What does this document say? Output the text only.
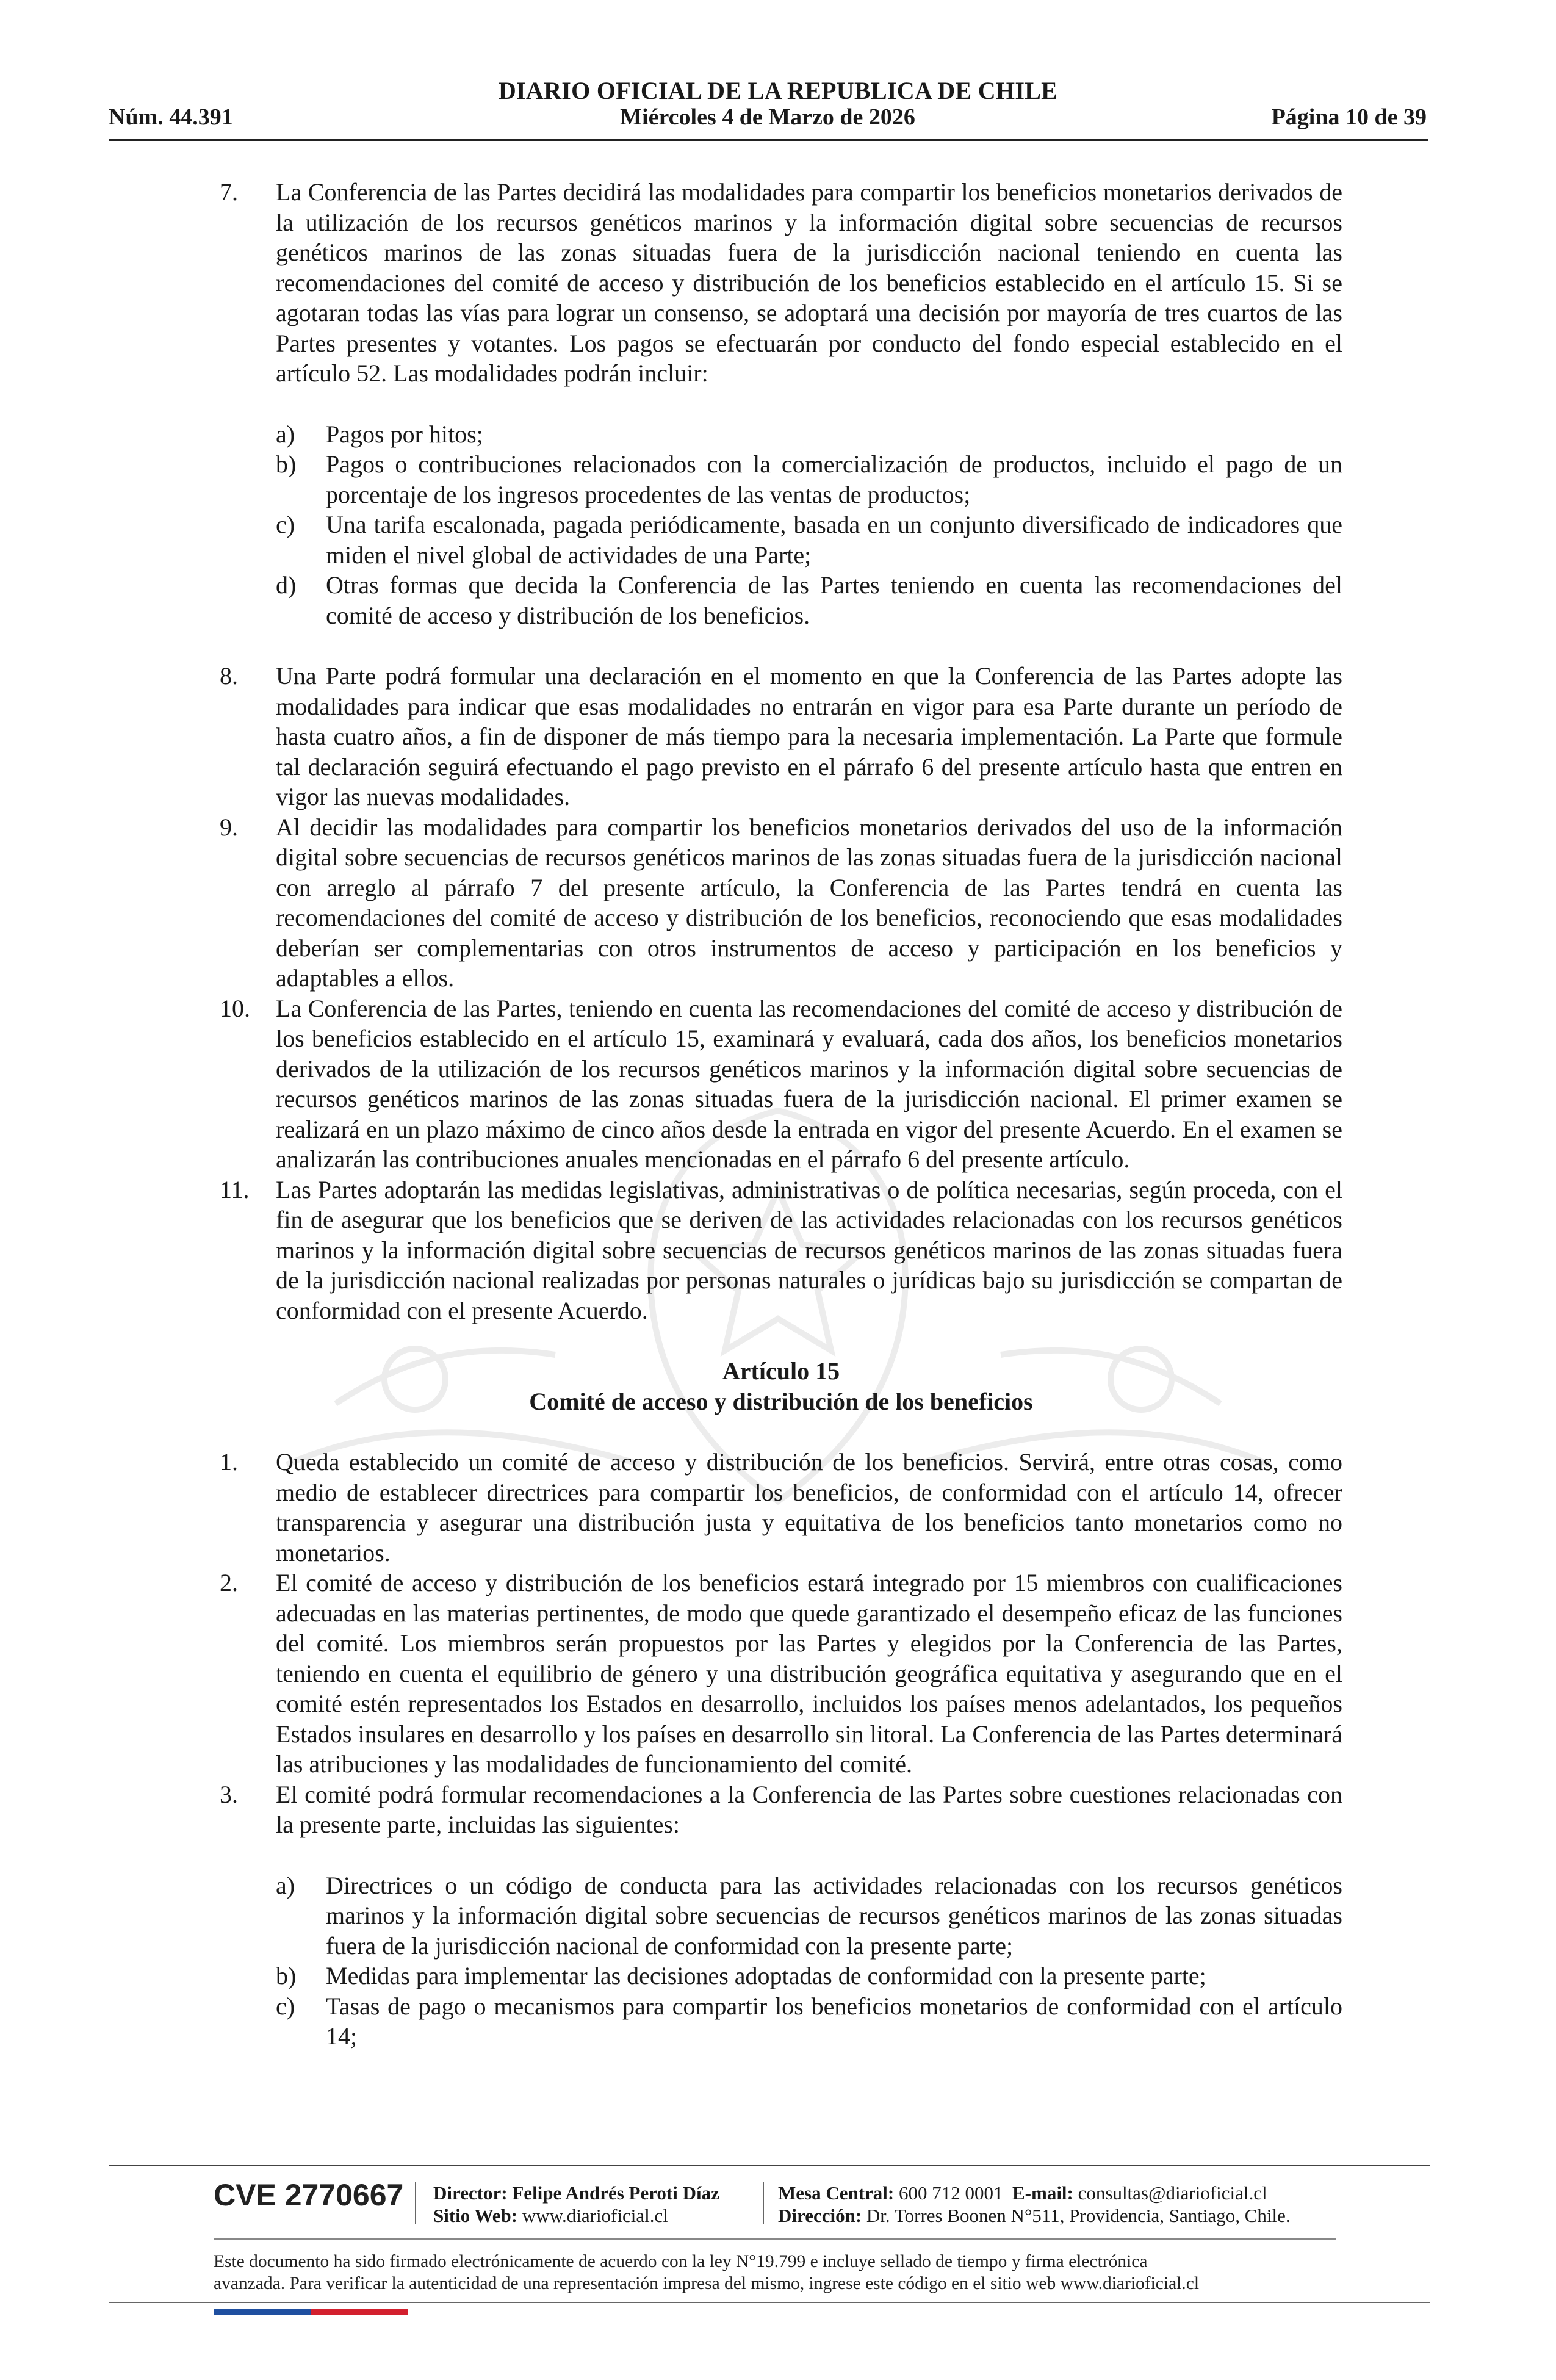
DIARIO OFICIAL DE LA REPUBLICA DE CHILE
Núm. 44.391	Miércoles 4 de Marzo de 2026	Página 10 de 39
7. La Conferencia de las Partes decidirá las modalidades para compartir los beneficios monetarios derivados de la utilización de los recursos genéticos marinos y la información digital sobre secuencias de recursos genéticos marinos de las zonas situadas fuera de la jurisdicción nacional teniendo en cuenta las recomendaciones del comité de acceso y distribución de los beneficios establecido en el artículo 15. Si se agotaran todas las vías para lograr un consenso, se adoptará una decisión por mayoría de tres cuartos de las Partes presentes y votantes. Los pagos se efectuarán por conducto del fondo especial establecido en el artículo 52. Las modalidades podrán incluir:
a) Pagos por hitos;
b) Pagos o contribuciones relacionados con la comercialización de productos, incluido el pago de un porcentaje de los ingresos procedentes de las ventas de productos;
c) Una tarifa escalonada, pagada periódicamente, basada en un conjunto diversificado de indicadores que miden el nivel global de actividades de una Parte;
d) Otras formas que decida la Conferencia de las Partes teniendo en cuenta las recomendaciones del comité de acceso y distribución de los beneficios.
8. Una Parte podrá formular una declaración en el momento en que la Conferencia de las Partes adopte las modalidades para indicar que esas modalidades no entrarán en vigor para esa Parte durante un período de hasta cuatro años, a fin de disponer de más tiempo para la necesaria implementación. La Parte que formule tal declaración seguirá efectuando el pago previsto en el párrafo 6 del presente artículo hasta que entren en vigor las nuevas modalidades.
9. Al decidir las modalidades para compartir los beneficios monetarios derivados del uso de la información digital sobre secuencias de recursos genéticos marinos de las zonas situadas fuera de la jurisdicción nacional con arreglo al párrafo 7 del presente artículo, la Conferencia de las Partes tendrá en cuenta las recomendaciones del comité de acceso y distribución de los beneficios, reconociendo que esas modalidades deberían ser complementarias con otros instrumentos de acceso y participación en los beneficios y adaptables a ellos.
10. La Conferencia de las Partes, teniendo en cuenta las recomendaciones del comité de acceso y distribución de los beneficios establecido en el artículo 15, examinará y evaluará, cada dos años, los beneficios monetarios derivados de la utilización de los recursos genéticos marinos y la información digital sobre secuencias de recursos genéticos marinos de las zonas situadas fuera de la jurisdicción nacional. El primer examen se realizará en un plazo máximo de cinco años desde la entrada en vigor del presente Acuerdo. En el examen se analizarán las contribuciones anuales mencionadas en el párrafo 6 del presente artículo.
11. Las Partes adoptarán las medidas legislativas, administrativas o de política necesarias, según proceda, con el fin de asegurar que los beneficios que se deriven de las actividades relacionadas con los recursos genéticos marinos y la información digital sobre secuencias de recursos genéticos marinos de las zonas situadas fuera de la jurisdicción nacional realizadas por personas naturales o jurídicas bajo su jurisdicción se compartan de conformidad con el presente Acuerdo.
Artículo 15
Comité de acceso y distribución de los beneficios
1. Queda establecido un comité de acceso y distribución de los beneficios. Servirá, entre otras cosas, como medio de establecer directrices para compartir los beneficios, de conformidad con el artículo 14, ofrecer transparencia y asegurar una distribución justa y equitativa de los beneficios tanto monetarios como no monetarios.
2. El comité de acceso y distribución de los beneficios estará integrado por 15 miembros con cualificaciones adecuadas en las materias pertinentes, de modo que quede garantizado el desempeño eficaz de las funciones del comité. Los miembros serán propuestos por las Partes y elegidos por la Conferencia de las Partes, teniendo en cuenta el equilibrio de género y una distribución geográfica equitativa y asegurando que en el comité estén representados los Estados en desarrollo, incluidos los países menos adelantados, los pequeños Estados insulares en desarrollo y los países en desarrollo sin litoral. La Conferencia de las Partes determinará las atribuciones y las modalidades de funcionamiento del comité.
3. El comité podrá formular recomendaciones a la Conferencia de las Partes sobre cuestiones relacionadas con la presente parte, incluidas las siguientes:
a) Directrices o un código de conducta para las actividades relacionadas con los recursos genéticos marinos y la información digital sobre secuencias de recursos genéticos marinos de las zonas situadas fuera de la jurisdicción nacional de conformidad con la presente parte;
b) Medidas para implementar las decisiones adoptadas de conformidad con la presente parte;
c) Tasas de pago o mecanismos para compartir los beneficios monetarios de conformidad con el artículo 14;
CVE 2770667 Director: Felipe Andrés Peroti Díaz
Sitio Web: www.diarioficial.cl
Mesa Central: 600 712 0001 E-mail: consultas@diarioficial.cl
Dirección: Dr. Torres Boonen N°511, Providencia, Santiago, Chile.
Este documento ha sido firmado electrónicamente de acuerdo con la ley N°19.799 e incluye sellado de tiempo y firma electrónica
avanzada. Para verificar la autenticidad de una representación impresa del mismo, ingrese este código en el sitio web www.diarioficial.cl
